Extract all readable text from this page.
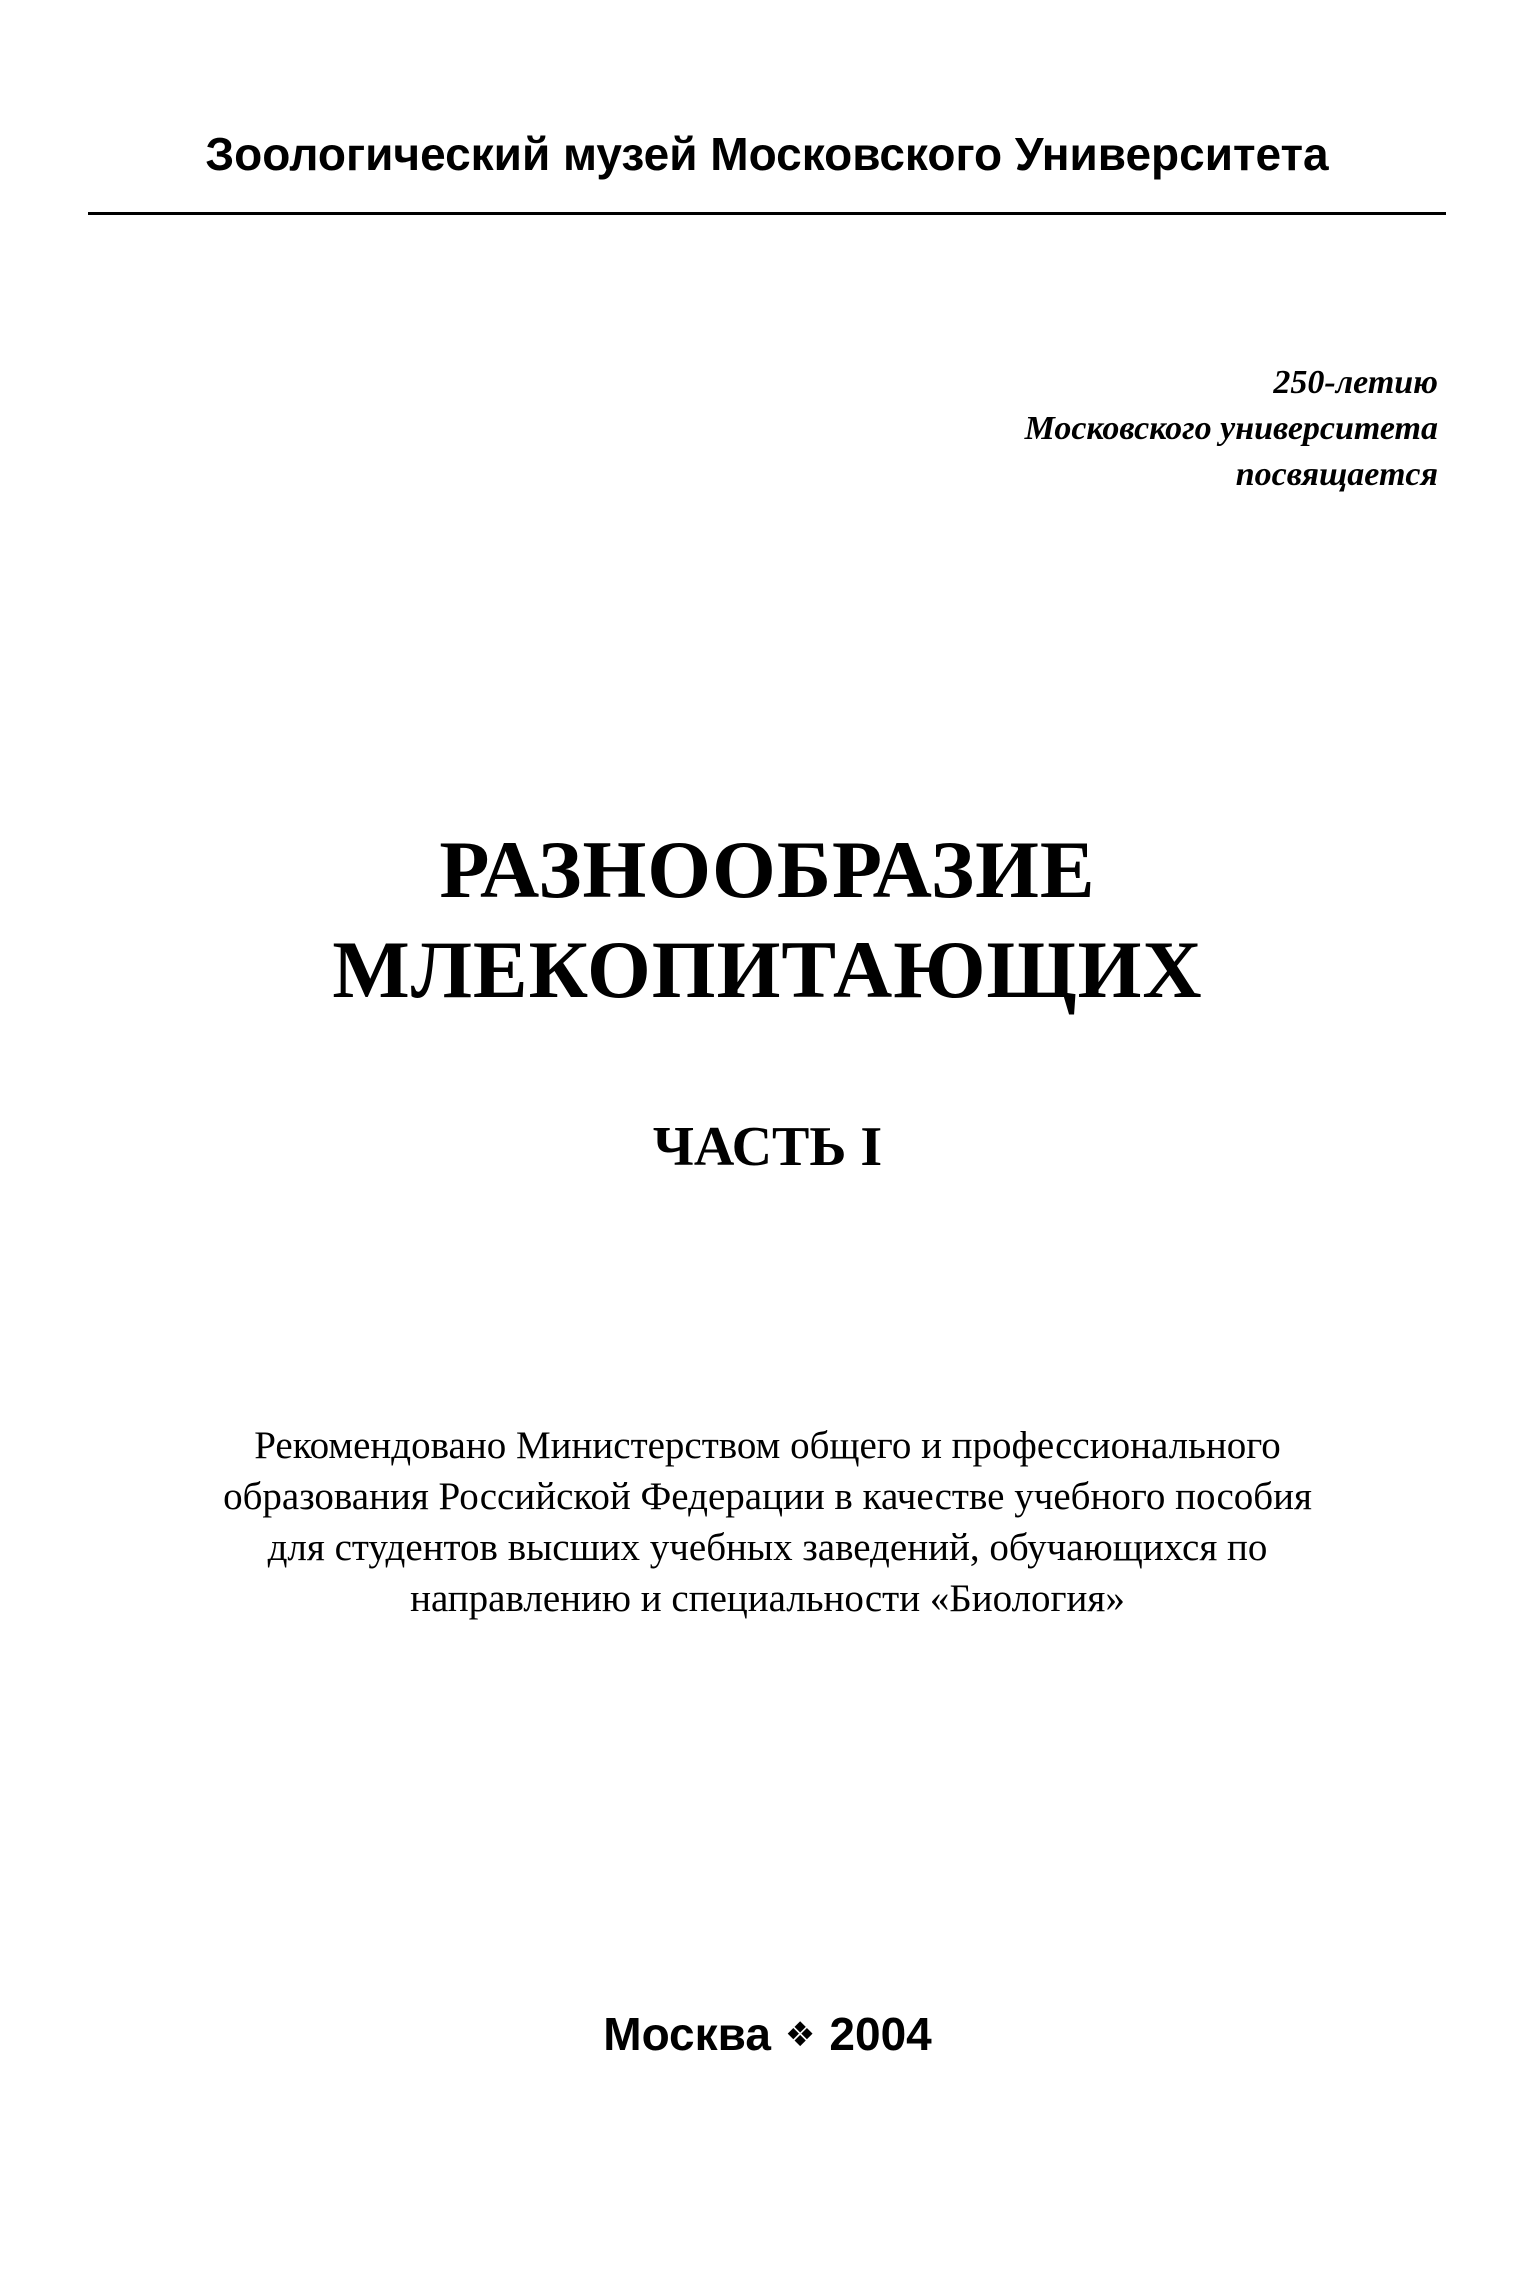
Зоологический музей Московского Университета
250-летию
Московского университета
посвящается
РАЗНООБРАЗИЕ
МЛЕКОПИТАЮЩИХ
ЧАСТЬ I
Рекомендовано Министерством общего и профессионального
образования Российской Федерации в качестве учебного пособия
для студентов высших учебных заведений, обучающихся по
направлению и специальности «Биология»
Москва ❖ 2004
